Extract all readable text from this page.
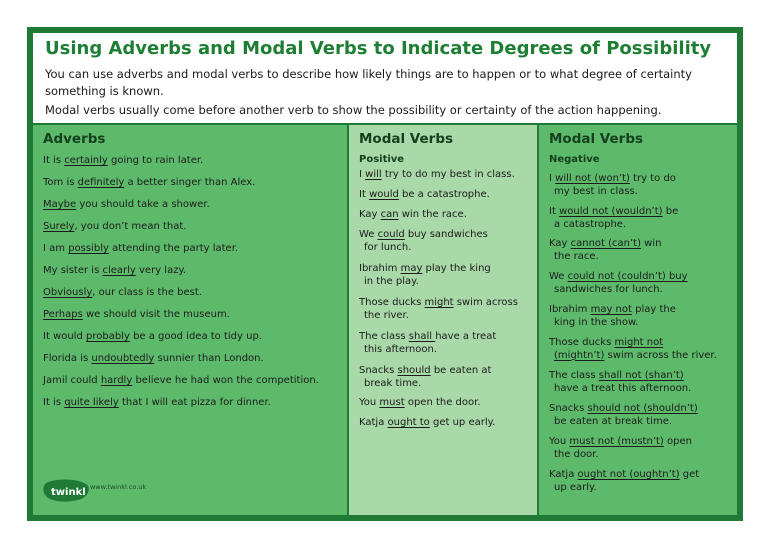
Using Adverbs and Modal Verbs to Indicate Degrees of Possibility
You can use adverbs and modal verbs to describe how likely things are to happen or to what degree of certainty
something is known.
Modal verbs usually come before another verb to show the possibility or certainty of the action happening.
Adverbs
It is certainly going to rain later.
Tom is definitely a better singer than Alex.
Maybe you should take a shower.
Surely, you don’t mean that.
I am possibly attending the party later.
My sister is clearly very lazy.
Obviously, our class is the best.
Perhaps we should visit the museum.
It would probably be a good idea to tidy up.
Florida is undoubtedly sunnier than London.
Jamil could hardly believe he had won the competition.
It is quite likely that I will eat pizza for dinner.
twinkl www.twinkl.co.uk
Modal Verbs
Positive
I will try to do my best in class.
It would be a catastrophe.
Kay can win the race.
We could buy sandwiches
for lunch.
Ibrahim may play the king
in the play.
Those ducks might swim across
the river.
The class shall have a treat
this afternoon.
Snacks should be eaten at
break time.
You must open the door.
Katja ought to get up early.
Modal Verbs
Negative
I will not (won’t) try to do
my best in class.
It would not (wouldn’t) be
a catastrophe.
Kay cannot (can’t) win
the race.
We could not (couldn’t) buy
sandwiches for lunch.
Ibrahim may not play the
king in the show.
Those ducks might not
(mightn’t) swim across the river.
The class shall not (shan’t)
have a treat this afternoon.
Snacks should not (shouldn’t)
be eaten at break time.
You must not (mustn’t) open
the door.
Katja ought not (oughtn’t) get
up early.
